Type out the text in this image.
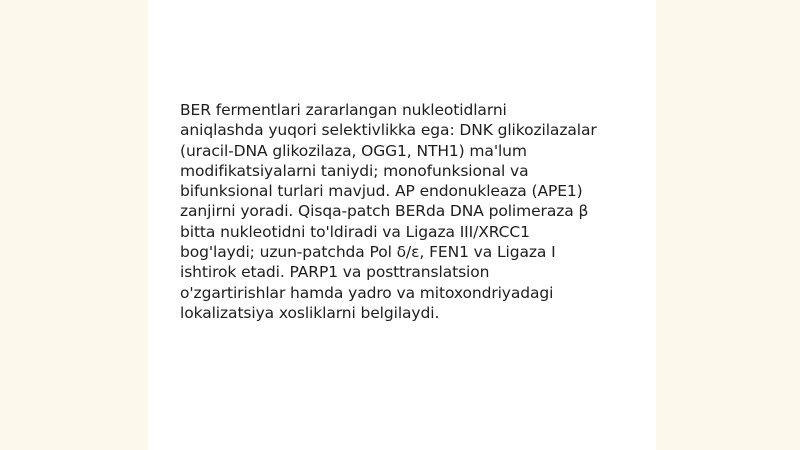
BER fermentlari zararlangan nukleotidlarni
aniqlashda yuqori selektivlikka ega: DNK glikozilazalar
(uracil-DNA glikozilaza, OGG1, NTH1) ma'lum
modifikatsiyalarni taniydi; monofunksional va
bifunksional turlari mavjud. AP endonukleaza (APE1)
zanjirni yoradi. Qisqa-patch BERda DNA polimeraza β
bitta nukleotidni to'ldiradi va Ligaza III/XRCC1
bog'laydi; uzun-patchda Pol δ/ε, FEN1 va Ligaza I
ishtirok etadi. PARP1 va posttranslatsion
o'zgartirishlar hamda yadro va mitoxondriyadagi
lokalizatsiya xosliklarni belgilaydi.
